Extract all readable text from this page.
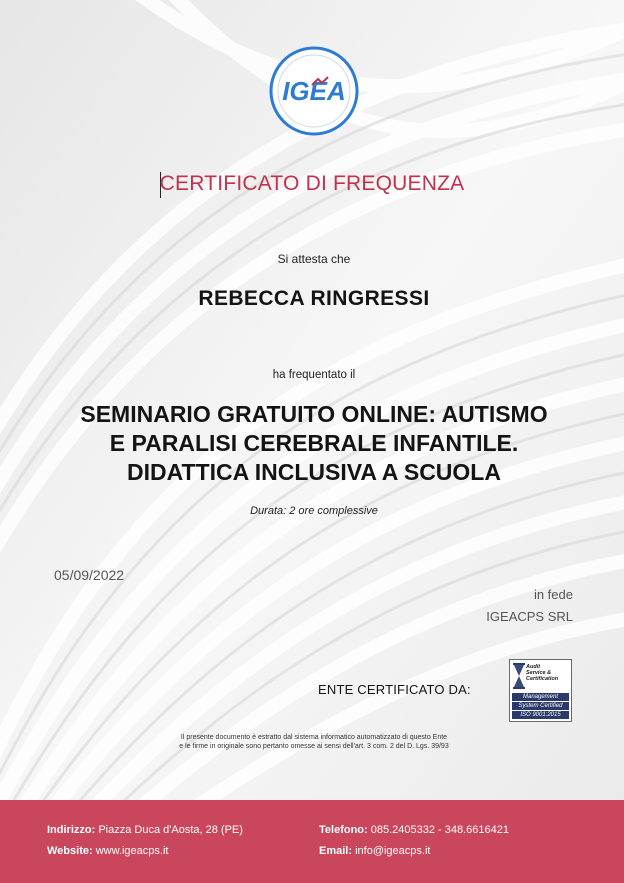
IGEA
CERTIFICATO DI FREQUENZA
Si attesta che
REBECCA RINGRESSI
ha frequentato il
SEMINARIO GRATUITO ONLINE: AUTISMO
E PARALISI CEREBRALE INFANTILE.
DIDATTICA INCLUSIVA A SCUOLA
Durata: 2 ore complessive
05/09/2022
in fede
IGEACPS SRL
ENTE CERTIFICATO DA:
Audit
Service &
Certification
Management
System Certified
ISO 9001:2015
Il presente documento è estratto dal sistema informatico automatizzato di questo Ente
e le firme in originale sono pertanto omesse ai sensi dell'art. 3 com. 2 del D. Lgs. 39/93
Indirizzo: Piazza Duca d'Aosta, 28 (PE)
Website: www.igeacps.it
Telefono: 085.2405332 - 348.6616421
Email: info@igeacps.it
